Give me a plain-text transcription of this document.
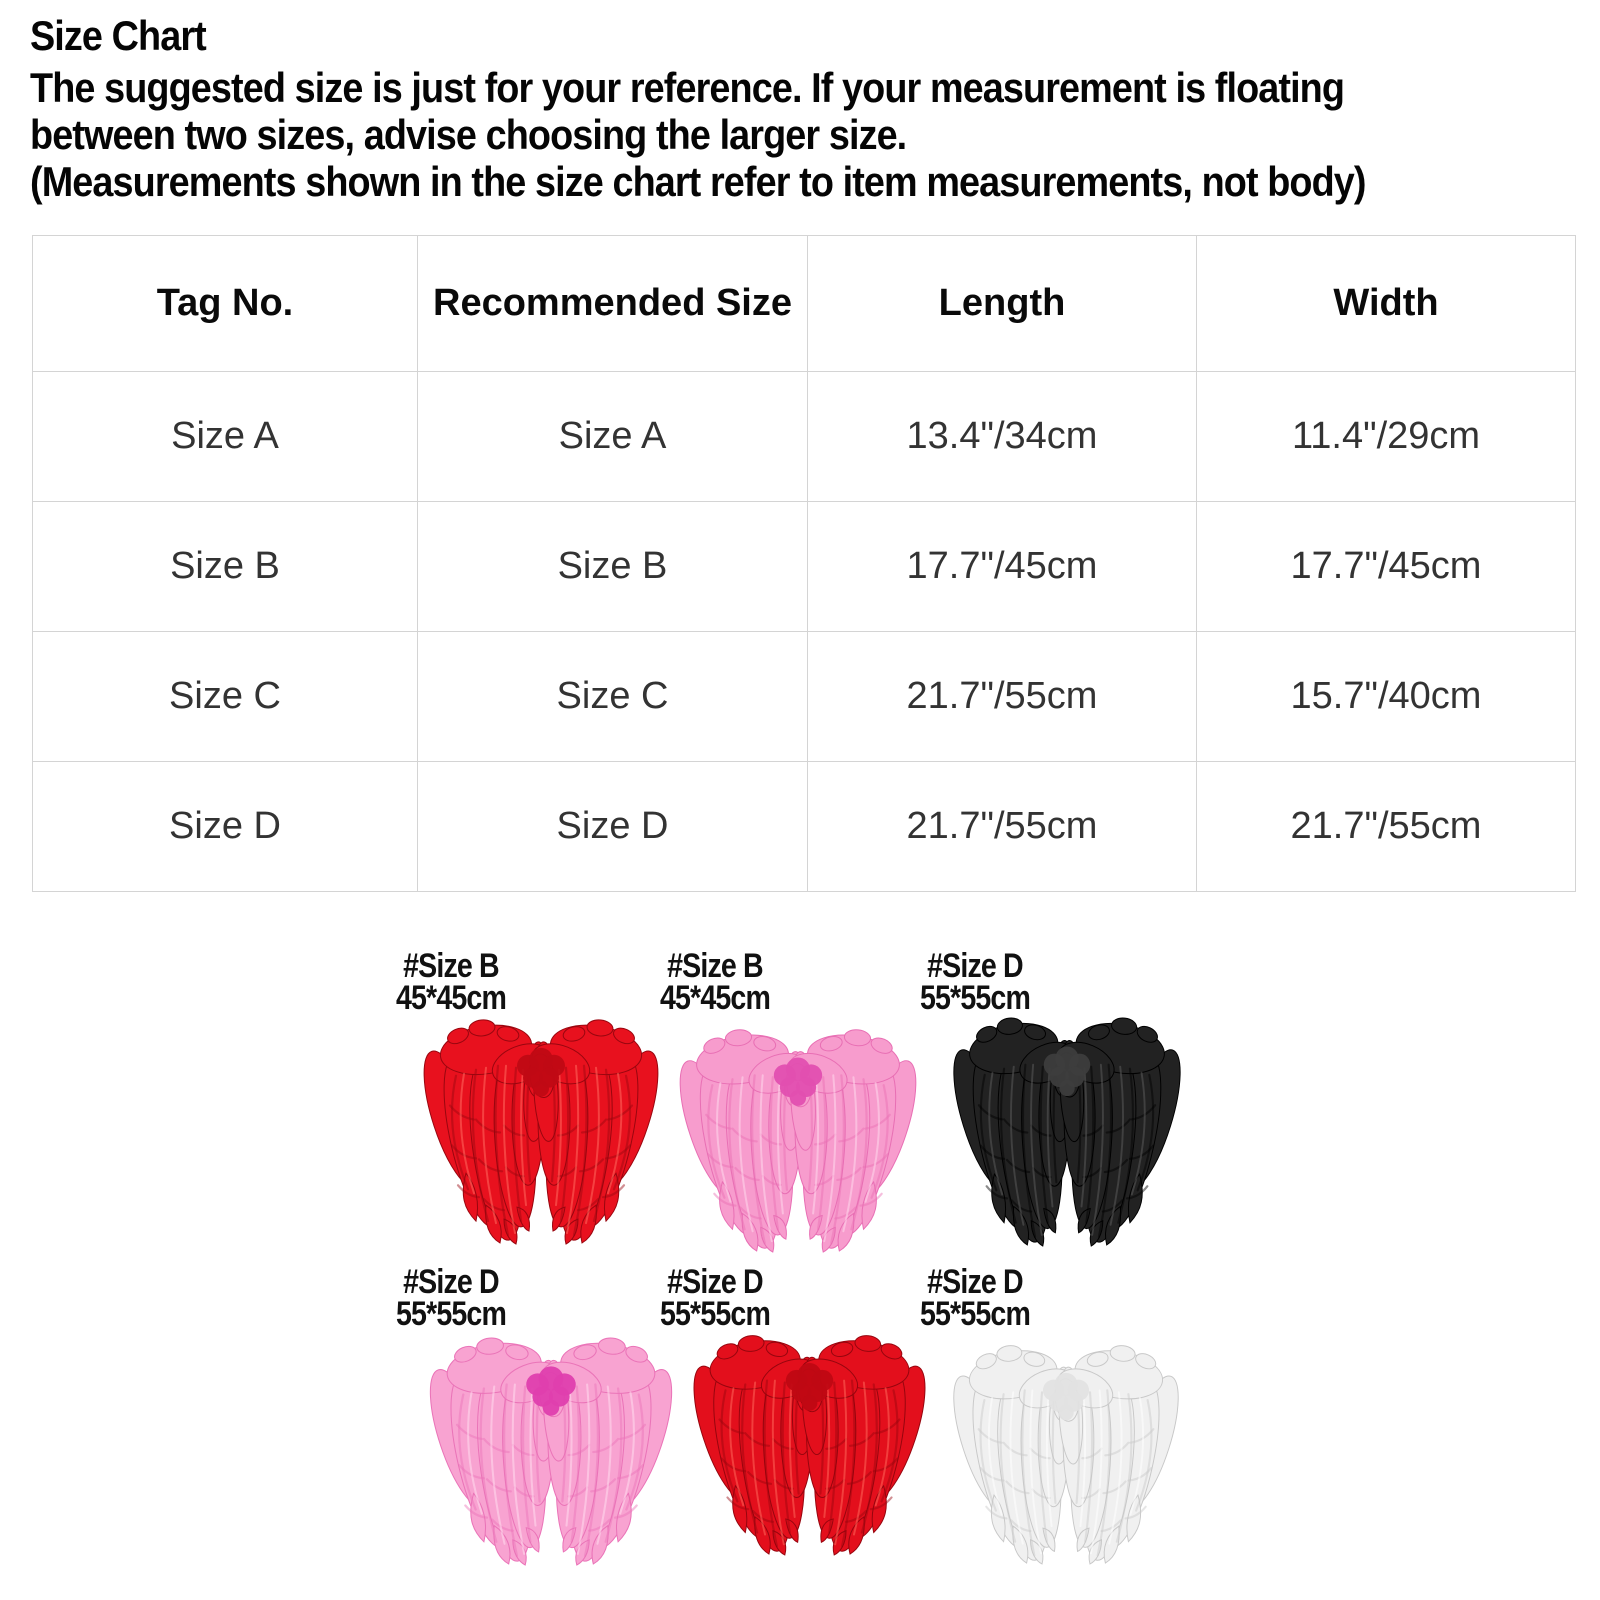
Size Chart
The suggested size is just for your reference. If your measurement is floating
between two sizes, advise choosing the larger size.
(Measurements shown in the size chart refer to item measurements, not body)
Tag No.	Recommended Size	Length	Width
Size A	Size A	13.4"/34cm	11.4"/29cm
Size B	Size B	17.7"/45cm	17.7"/45cm
Size C	Size C	21.7"/55cm	15.7"/40cm
Size D	Size D	21.7"/55cm	21.7"/55cm
#Size B
45*45cm
#Size B
45*45cm
#Size D
55*55cm
#Size D
55*55cm
#Size D
55*55cm
#Size D
55*55cm
